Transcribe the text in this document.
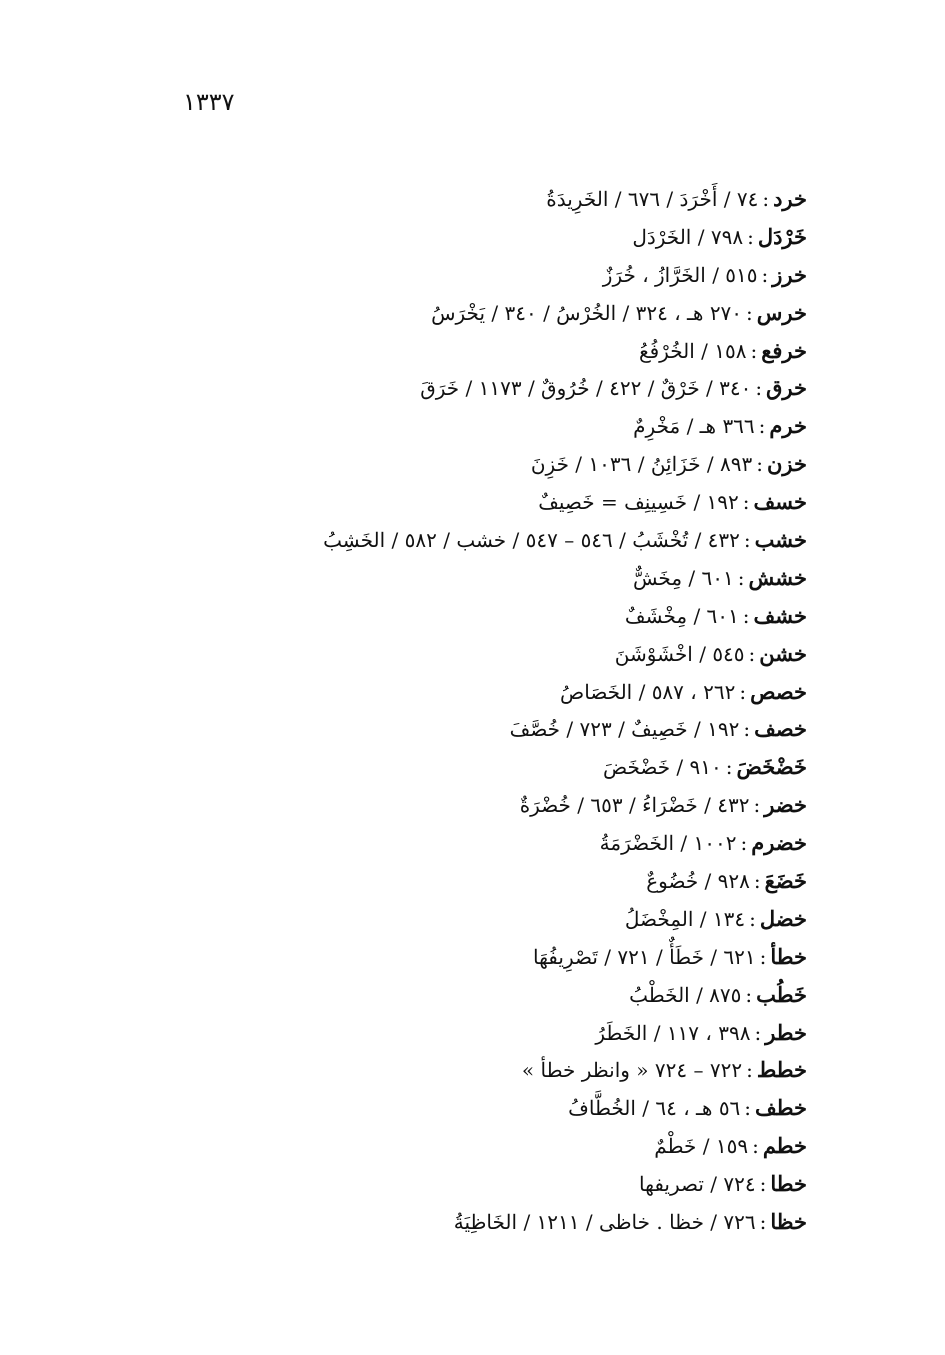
١٣٣٧
خرد:٧٤ / أَخْرَدَ / ٦٧٦ / الخَرِيدَةُ
خَرْدَل:٧٩٨ / الخَرْدَل
خرز:٥١٥ / الخَرَّازُ ، خُرَزٌ
خرس:٢٧٠ هـ ، ٣٢٤ / الخُرْسُ / ٣٤٠ / يَخْرَسُ
خرفع:١٥٨ / الخُرْفُعُ
خرق:٣٤٠ / خَرْقٌ / ٤٢٢ / خُرُوقٌ / ١١٧٣ / خَرَقَ
خرم:٣٦٦ هـ / مَخْرِمٌ
خزن:٨٩٣ / خَزَائِنُ / ١٠٣٦ / خَزِنَ
خسف:١٩٢ / خَسِينِف = خَصِيفٌ
خشب:٤٣٢ / تُخْشَبُ / ٥٤٦ – ٥٤٧ / خشب / ٥٨٢ / الخَشِبُ
خشش:٦٠١ / مِخَشٌّ
خشف:٦٠١ / مِخْشَفٌ
خشن:٥٤٥ / اخْشَوْشَنَ
خصص:٢٦٢ ، ٥٨٧ / الخَصَاصُ
خصف:١٩٢ / خَصِيفٌ / ٧٢٣ / خُصَّفَ
خَضْخَضَ:٩١٠ / خَضْخَضَ
خضر:٤٣٢ / خَضْرَاءُ / ٦٥٣ / خُضْرَةٌ
خضرم:١٠٠٢ / الخَضْرَمَةُ
خَضَعَ:٩٢٨ / خُضُوعٌ
خضل:١٣٤ / المِخْضَلُ
خطأ:٦٢١ / خَطَأٌ / ٧٢١ / تَصْرِيفُهَا
خَطُب:٨٧٥ / الخَطْبُ
خطر:٣٩٨ ، ١١٧ / الخَطَرُ
خطط:٧٢٢ – ٧٢٤ « وانظر خطأ »
خطف:٥٦ هـ ، ٦٤ / الخُطَّافُ
خطم:١٥٩ / خَطْمٌ
خطا:٧٢٤ / تصريفها
خظا:٧٢٦ / خظا . خاظى / ١٢١١ / الخَاظِيَةُ
